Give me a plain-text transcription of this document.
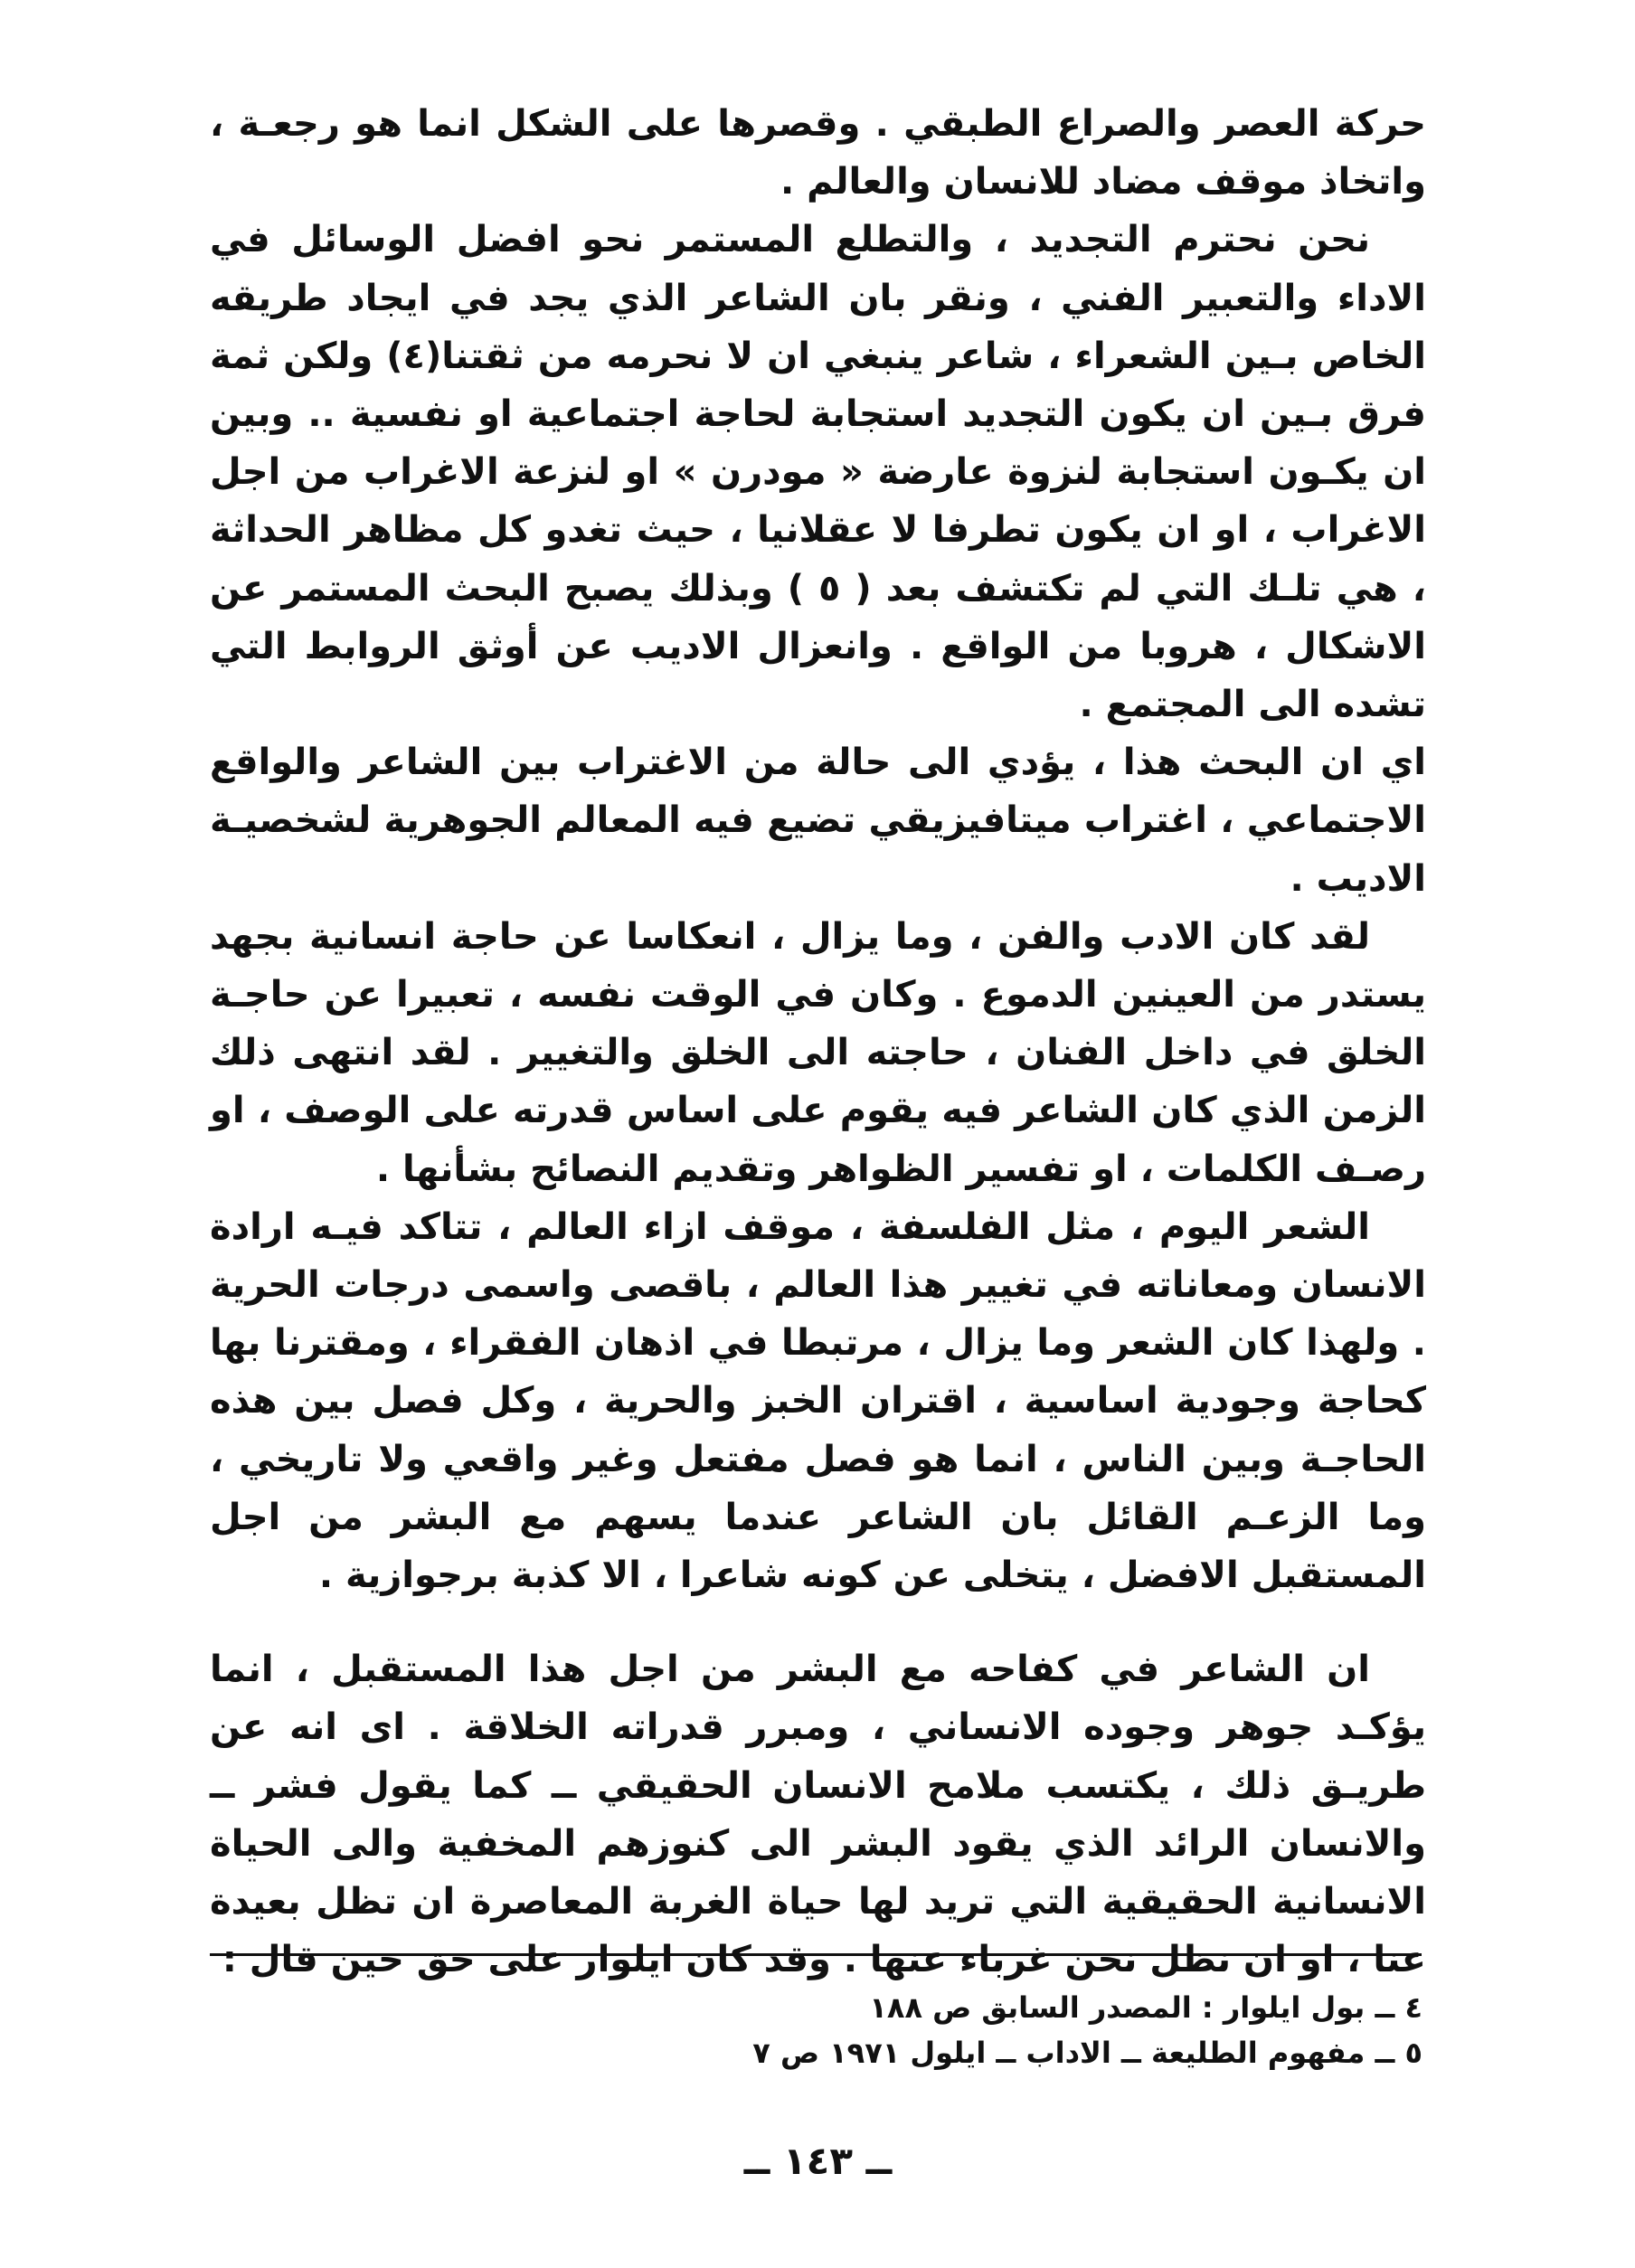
حركة العصر والصراع الطبقي . وقصرها على الشكل انما هو رجعـة ، واتخاذ موقف مضاد للانسان والعالم .

نحن نحترم التجديد ، والتطلع المستمر نحو افضل الوسائل في الاداء والتعبير الفني ، ونقر بان الشاعر الذي يجد في ايجاد طريقه الخاص بـين الشعراء ، شاعر ينبغي ان لا نحرمه من ثقتنا(٤) ولكن ثمة فرق بـين ان يكون التجديد استجابة لحاجة اجتماعية او نفسية .. وبين ان يكـون استجابة لنزوة عارضة « مودرن » او لنزعة الاغراب من اجل الاغراب ، او ان يكون تطرفا لا عقلانيا ، حيث تغدو كل مظاهر الحداثة ، هي تلـك التي لم تكتشف بعد ( ٥ ) وبذلك يصبح البحث المستمر عن الاشكال ، هروبا من الواقع . وانعزال الاديب عن أوثق الروابط التي تشده الى المجتمع .

اي ان البحث هذا ، يؤدي الى حالة من الاغتراب بين الشاعر والواقع الاجتماعي ، اغتراب ميتافيزيقي تضيع فيه المعالم الجوهرية لشخصيـة الاديب .

لقد كان الادب والفن ، وما يزال ، انعكاسا عن حاجة انسانية بجهد يستدر من العينين الدموع . وكان في الوقت نفسه ، تعبيرا عن حاجـة الخلق في داخل الفنان ، حاجته الى الخلق والتغيير . لقد انتهى ذلك الزمن الذي كان الشاعر فيه يقوم على اساس قدرته على الوصف ، او رصـف الكلمات ، او تفسير الظواهر وتقديم النصائح بشأنها .

الشعر اليوم ، مثل الفلسفة ، موقف ازاء العالم ، تتاكد فيـه ارادة الانسان ومعاناته في تغيير هذا العالم ، باقصى واسمى درجات الحرية . ولهذا كان الشعر وما يزال ، مرتبطا في اذهان الفقراء ، ومقترنا بها كحاجة وجودية اساسية ، اقتران الخبز والحرية ، وكل فصل بين هذه الحاجـة وبين الناس ، انما هو فصل مفتعل وغير واقعي ولا تاريخي ، وما الزعـم القائل بان الشاعر عندما يسهم مع البشر من اجل المستقبل الافضل ، يتخلى عن كونه شاعرا ، الا كذبة برجوازية .

ان الشاعر في كفاحه مع البشر من اجل هذا المستقبل ، انما يؤكـد جوهر وجوده الانساني ، ومبرر قدراته الخلاقة . اى انه عن طريـق ذلك ، يكتسب ملامح الانسان الحقيقي ــ كما يقول فشر ــ والانسان الرائد الذي يقود البشر الى كنوزهم المخفية والى الحياة الانسانية الحقيقية التي تريد لها حياة الغربة المعاصرة ان تظل بعيدة عنا ، او ان نظل نحن غرباء عنها . وقد كان ايلوار على حق حين قال :

٤ ــ بول ايلوار : المصدر السابق ص ١٨٨
٥ ــ مفهوم الطليعة ــ الاداب ــ ايلول ١٩٧١ ص ٧
ــ ١٤٣ ــ
